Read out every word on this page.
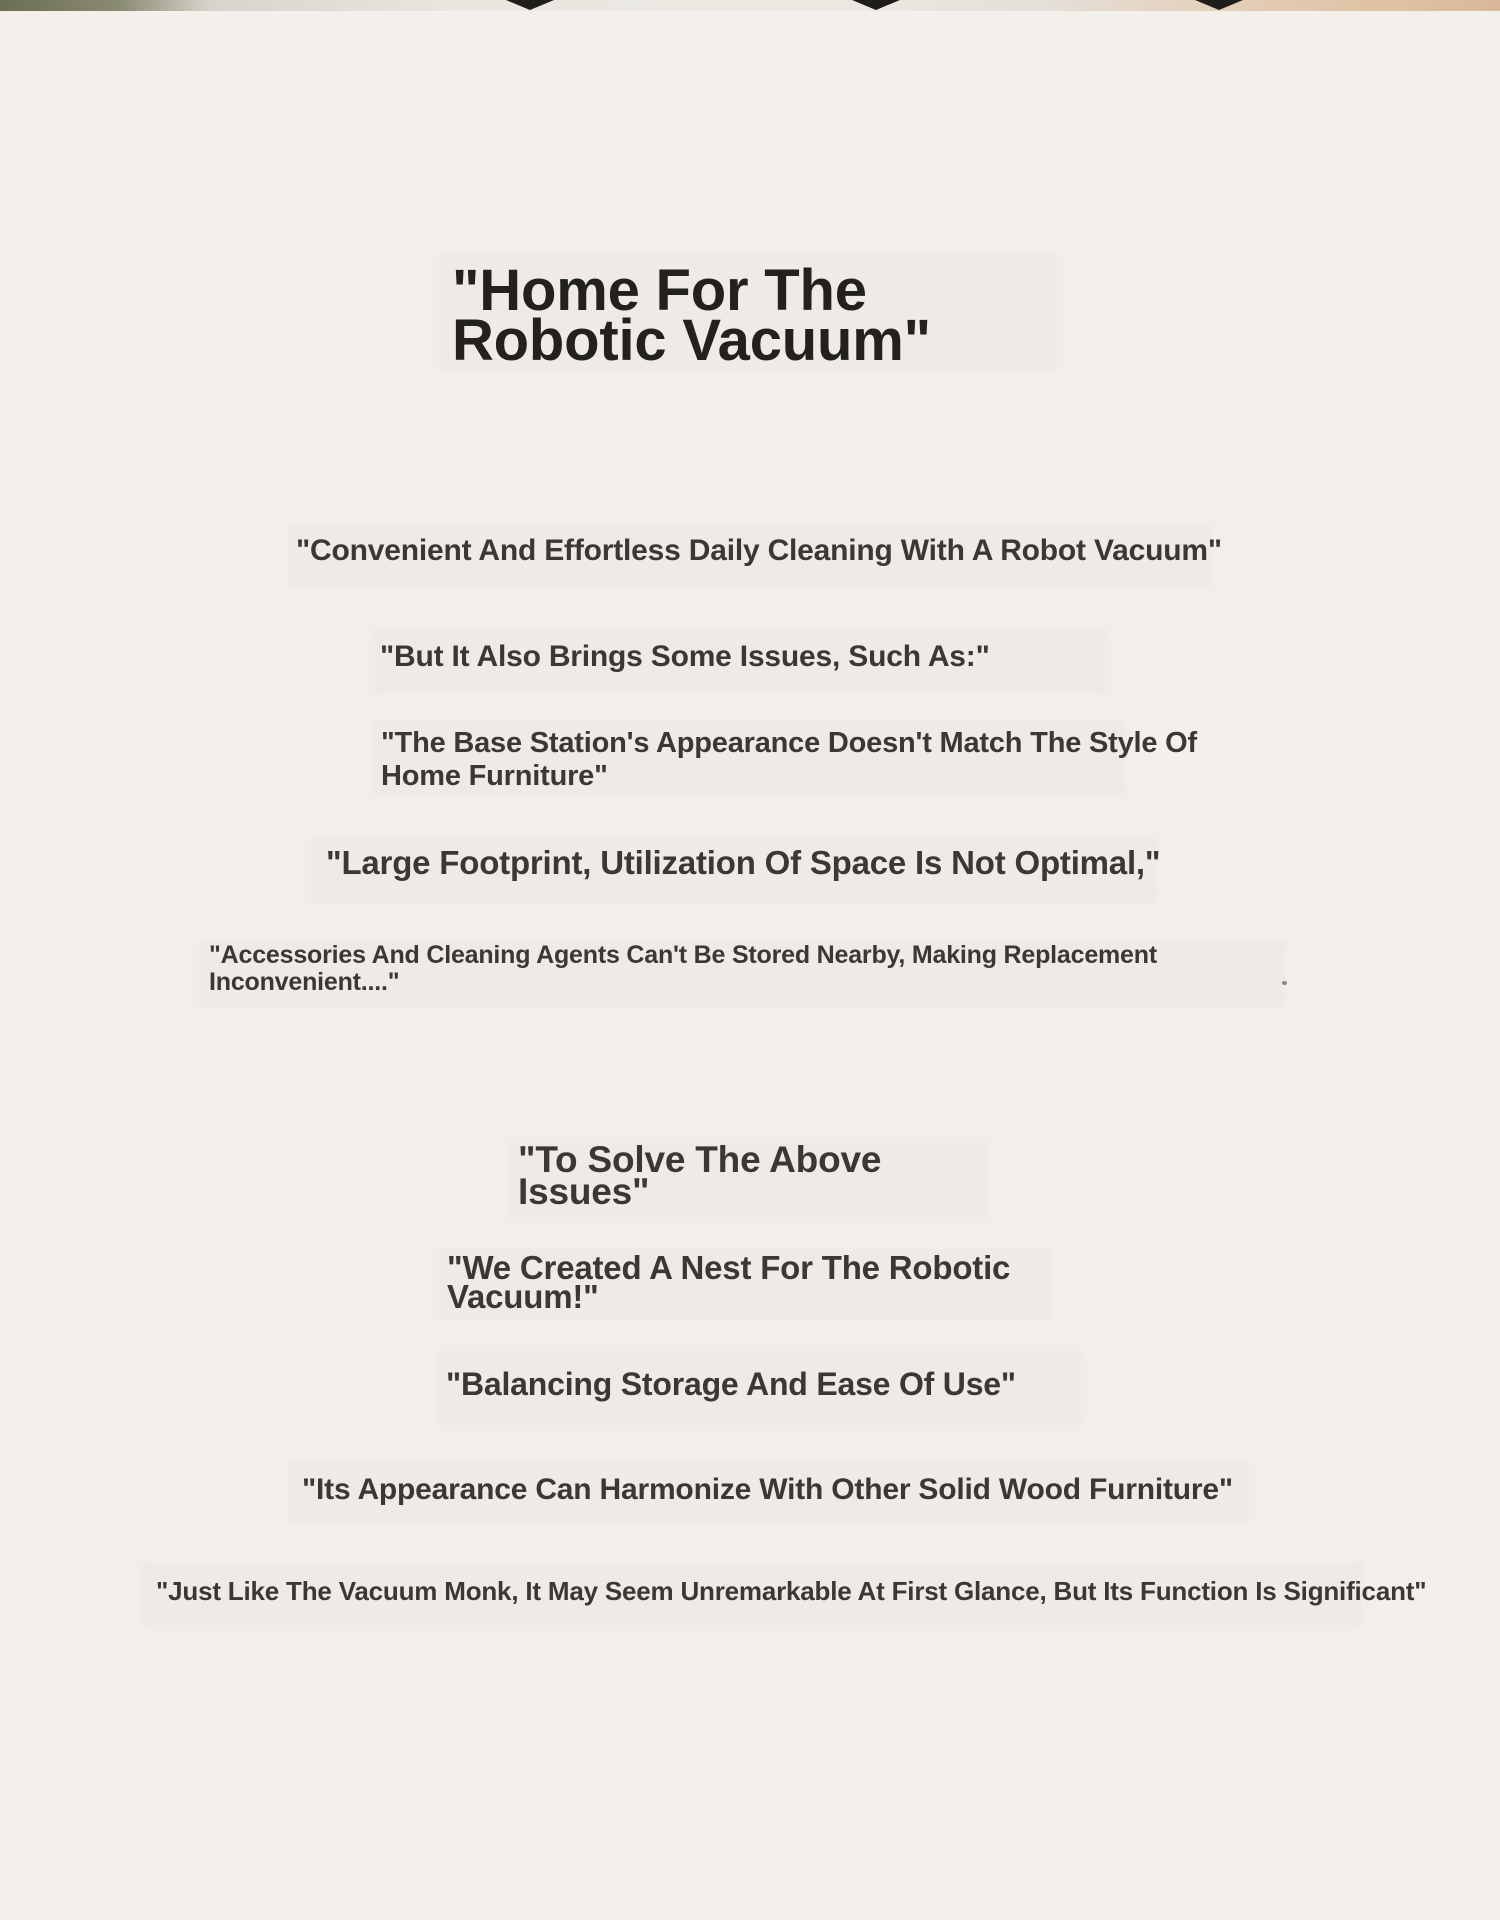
"Home For The
Robotic Vacuum"

"Convenient And Effortless Daily Cleaning With A Robot Vacuum"

"But It Also Brings Some Issues, Such As:"

"The Base Station's Appearance Doesn't Match The Style Of
Home Furniture"

"Large Footprint, Utilization Of Space Is Not Optimal,"

"Accessories And Cleaning Agents Can't Be Stored Nearby, Making Replacement
Inconvenient...."

"To Solve The Above
Issues"

"We Created A Nest For The Robotic
Vacuum!"

"Balancing Storage And Ease Of Use"

"Its Appearance Can Harmonize With Other Solid Wood Furniture"

"Just Like The Vacuum Monk, It May Seem Unremarkable At First Glance, But Its Function Is Significant"
